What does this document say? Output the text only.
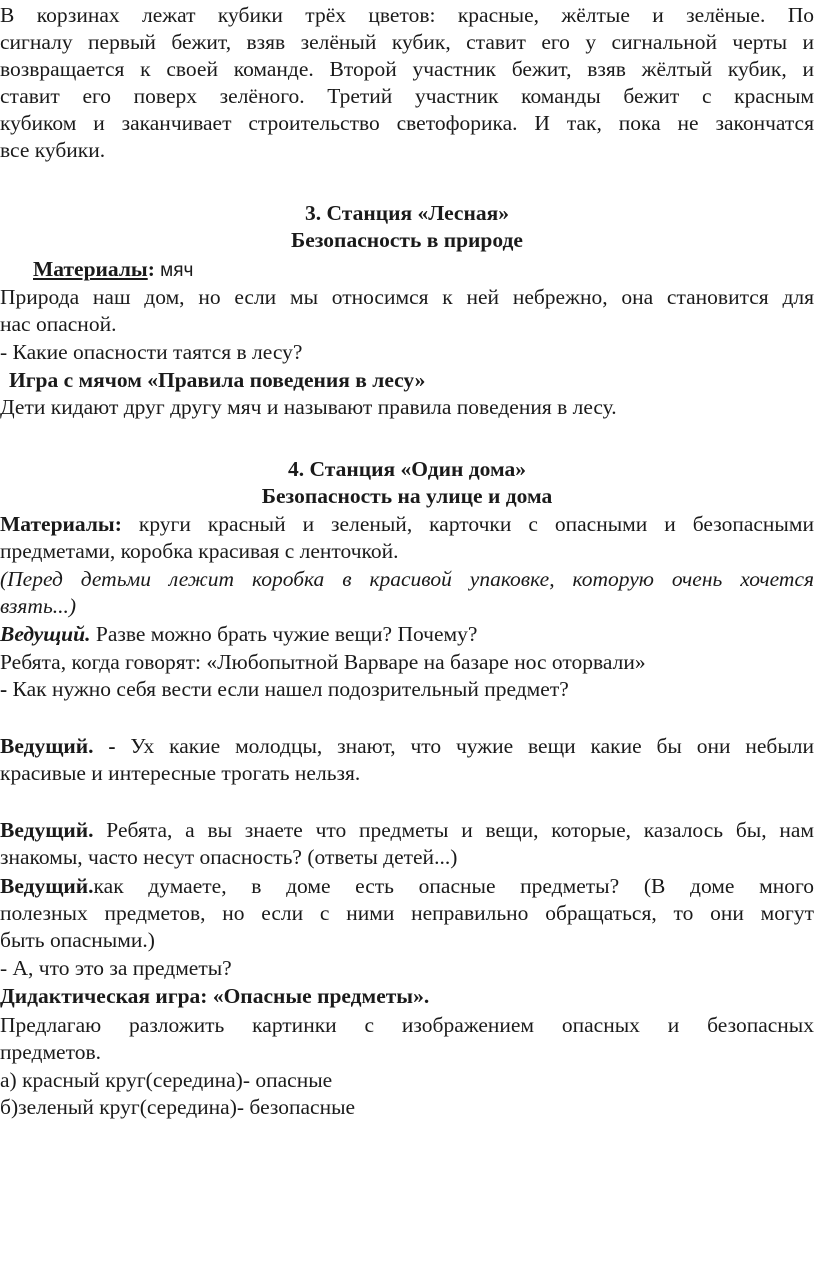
В корзинах лежат кубики трёх цветов: красные, жёлтые и зелёные. По
сигналу первый бежит, взяв зелёный кубик, ставит его у сигнальной черты и
возвращается к своей команде. Второй участник бежит, взяв жёлтый кубик, и
ставит его поверх зелёного. Третий участник команды бежит с красным
кубиком и заканчивает строительство светофорика. И так, пока не закончатся
все кубики.
3. Станция «Лесная»
Безопасность в природе
Материалы: мяч
Природа наш дом, но если мы относимся к ней небрежно, она становится для
нас опасной.
- Какие опасности таятся в лесу?
Игра с мячом «Правила поведения в лесу»
Дети кидают друг другу мяч и называют правила поведения в лесу.
4. Станция «Один дома»
Безопасность на улице и дома
Материалы: круги красный и зеленый, карточки с опасными и безопасными
предметами, коробка красивая с ленточкой.
(Перед детьми лежит коробка в красивой упаковке, которую очень хочется
взять...)
Ведущий. Разве можно брать чужие вещи? Почему?
Ребята, когда говорят: «Любопытной Варваре на базаре нос оторвали»
- Как нужно себя вести если нашел подозрительный предмет?
Ведущий. - Ух какие молодцы, знают, что чужие вещи какие бы они небыли
красивые и интересные трогать нельзя.
Ведущий. Ребята, а вы знаете что предметы и вещи, которые, казалось бы, нам
знакомы, часто несут опасность? (ответы детей...)
Ведущий.как думаете, в доме есть опасные предметы? (В доме много
полезных предметов, но если с ними неправильно обращаться, то они могут
быть опасными.)
- А, что это за предметы?
Дидактическая игра: «Опасные предметы».
Предлагаю разложить картинки с изображением опасных и безопасных
предметов.
а) красный круг(середина)- опасные
б)зеленый круг(середина)- безопасные
